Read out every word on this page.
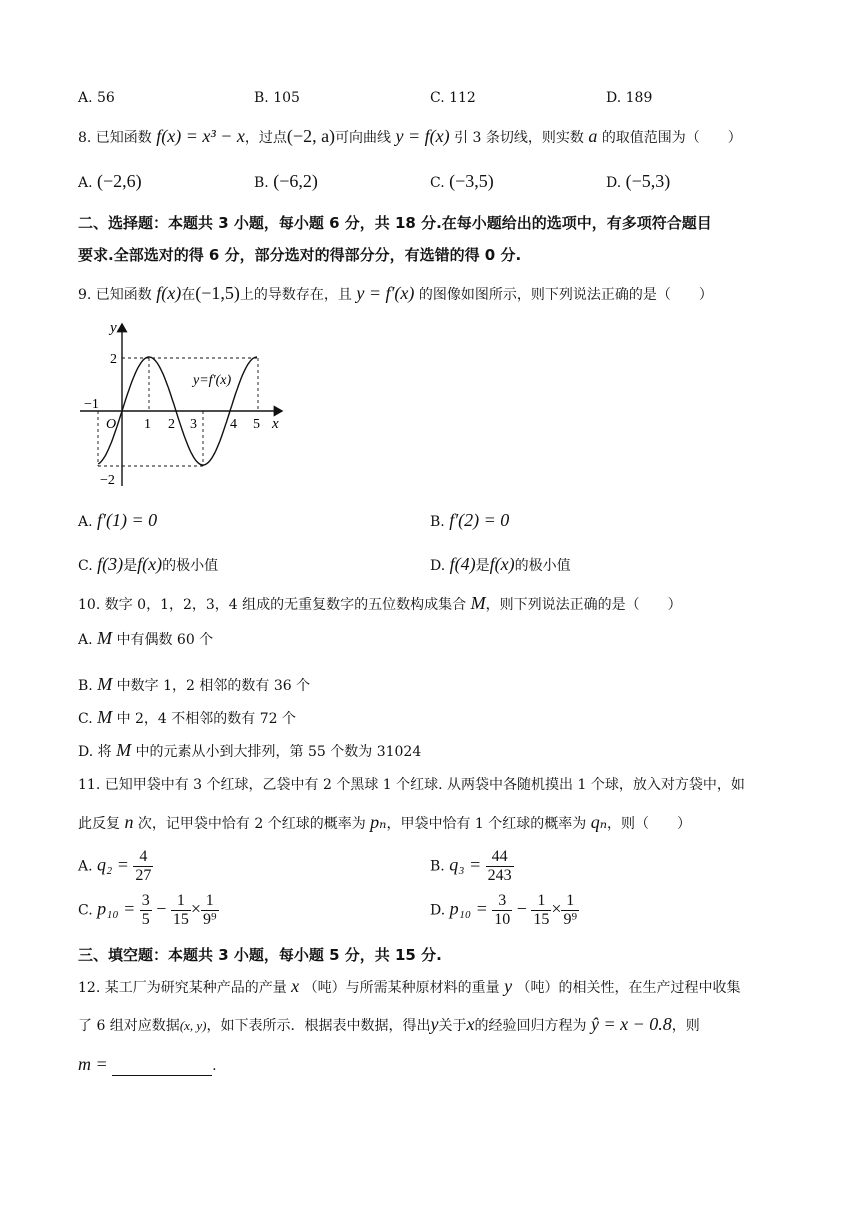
A. 56	B. 105	C. 112	D. 189
8. 已知函数 f(x) = x³ − x，过点(−2, a)可向曲线 y = f(x) 引 3 条切线，则实数 a 的取值范围为（　　）
A. (−2,6)	B. (−6,2)	C. (−3,5)	D. (−5,3)
二、选择题：本题共 3 小题，每小题 6 分，共 18 分.在每小题给出的选项中，有多项符合题目
要求.全部选对的得 6 分，部分选对的得部分分，有选错的得 0 分.
9. 已知函数 f(x)在(−1,5)上的导数存在，且 y = f′(x) 的图像如图所示，则下列说法正确的是（　　）
y
x
O
y=f′(x)
−1
1 2 3 4 5
2
−2
A. f′(1) = 0	B. f′(2) = 0
C. f(3)是f(x)的极小值	D. f(4)是f(x)的极小值
10. 数字 0，1，2，3，4 组成的无重复数字的五位数构成集合 M，则下列说法正确的是（　　）
A. M 中有偶数 60 个
B. M 中数字 1，2 相邻的数有 36 个
C. M 中 2，4 不相邻的数有 72 个
D. 将 M 中的元素从小到大排列，第 55 个数为 31024
11. 已知甲袋中有 3 个红球，乙袋中有 2 个黑球 1 个红球. 从两袋中各随机摸出 1 个球，放入对方袋中，如
此反复 n 次，记甲袋中恰有 2 个红球的概率为 pₙ，甲袋中恰有 1 个红球的概率为 qₙ，则（　　）
A. $q_2 = \frac{4}{27}$	B. $q_3 = \frac{44}{243}$
C. $p_{10} = \frac{3}{5} - \frac{1}{15} \times \frac{1}{\text{9⁹}}$	D. $p_{10} = \frac{3}{10} - \frac{1}{15} \times \frac{1}{\text{9⁹}}$
三、填空题：本题共 3 小题，每小题 5 分，共 15 分.
12. 某工厂为研究某种产品的产量 x （吨）与所需某种原材料的重量 y （吨）的相关性，在生产过程中收集
了 6 组对应数据(x, y)，如下表所示．根据表中数据，得出y关于x的经验回归方程为 ŷ = x − 0.8，则
m =	.
